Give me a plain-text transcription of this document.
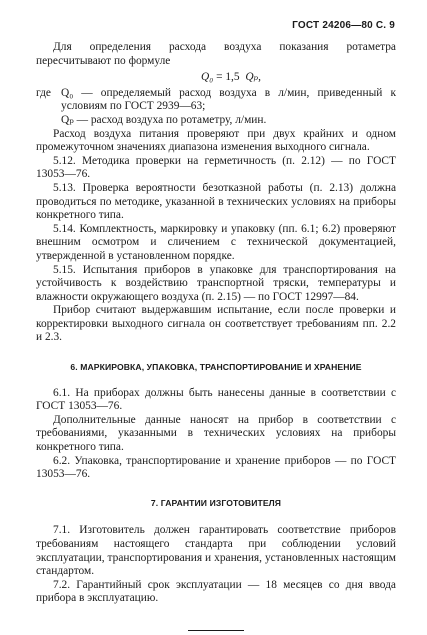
ГОСТ 24206—80 С. 9

Для определения расхода воздуха показания ротаметра пересчитывают по формуле

Q₀ = 1,5 Qₚ,
где Q₀ — определяемый расход воздуха в л/мин, приведенный к условиям по ГОСТ 2939—63;

Qₚ — расход воздуха по ротаметру, л/мин.

Расход воздуха питания проверяют при двух крайних и одном промежуточном значениях диапазона изменения выходного сигнала.

5.12. Методика проверки на герметичность (п. 2.12) — по ГОСТ 13053—76.

5.13. Проверка вероятности безотказной работы (п. 2.13) должна проводиться по методике, указанной в технических условиях на приборы конкретного типа.

5.14. Комплектность, маркировку и упаковку (пп. 6.1; 6.2) проверяют внешним осмотром и сличением с технической документацией, утвержденной в установленном порядке.

5.15. Испытания приборов в упаковке для транспортирования на устойчивость к воздействию транспортной тряски, температуры и влажности окружающего воздуха (п. 2.15) — по ГОСТ 12997—84.

Прибор считают выдержавшим испытание, если после проверки и корректировки выходного сигнала он соответствует требованиям пп. 2.2 и 2.3.

6. МАРКИРОВКА, УПАКОВКА, ТРАНСПОРТИРОВАНИЕ И ХРАНЕНИЕ

6.1. На приборах должны быть нанесены данные в соответствии с ГОСТ 13053—76.

Дополнительные данные наносят на прибор в соответствии с требованиями, указанными в технических условиях на приборы конкретного типа.

6.2. Упаковка, транспортирование и хранение приборов — по ГОСТ 13053—76.

7. ГАРАНТИИ ИЗГОТОВИТЕЛЯ

7.1. Изготовитель должен гарантировать соответствие приборов требованиям настоящего стандарта при соблюдении условий эксплуатации, транспортирования и хранения, установленных настоящим стандартом.

7.2. Гарантийный срок эксплуатации — 18 месяцев со дня ввода прибора в эксплуатацию.
